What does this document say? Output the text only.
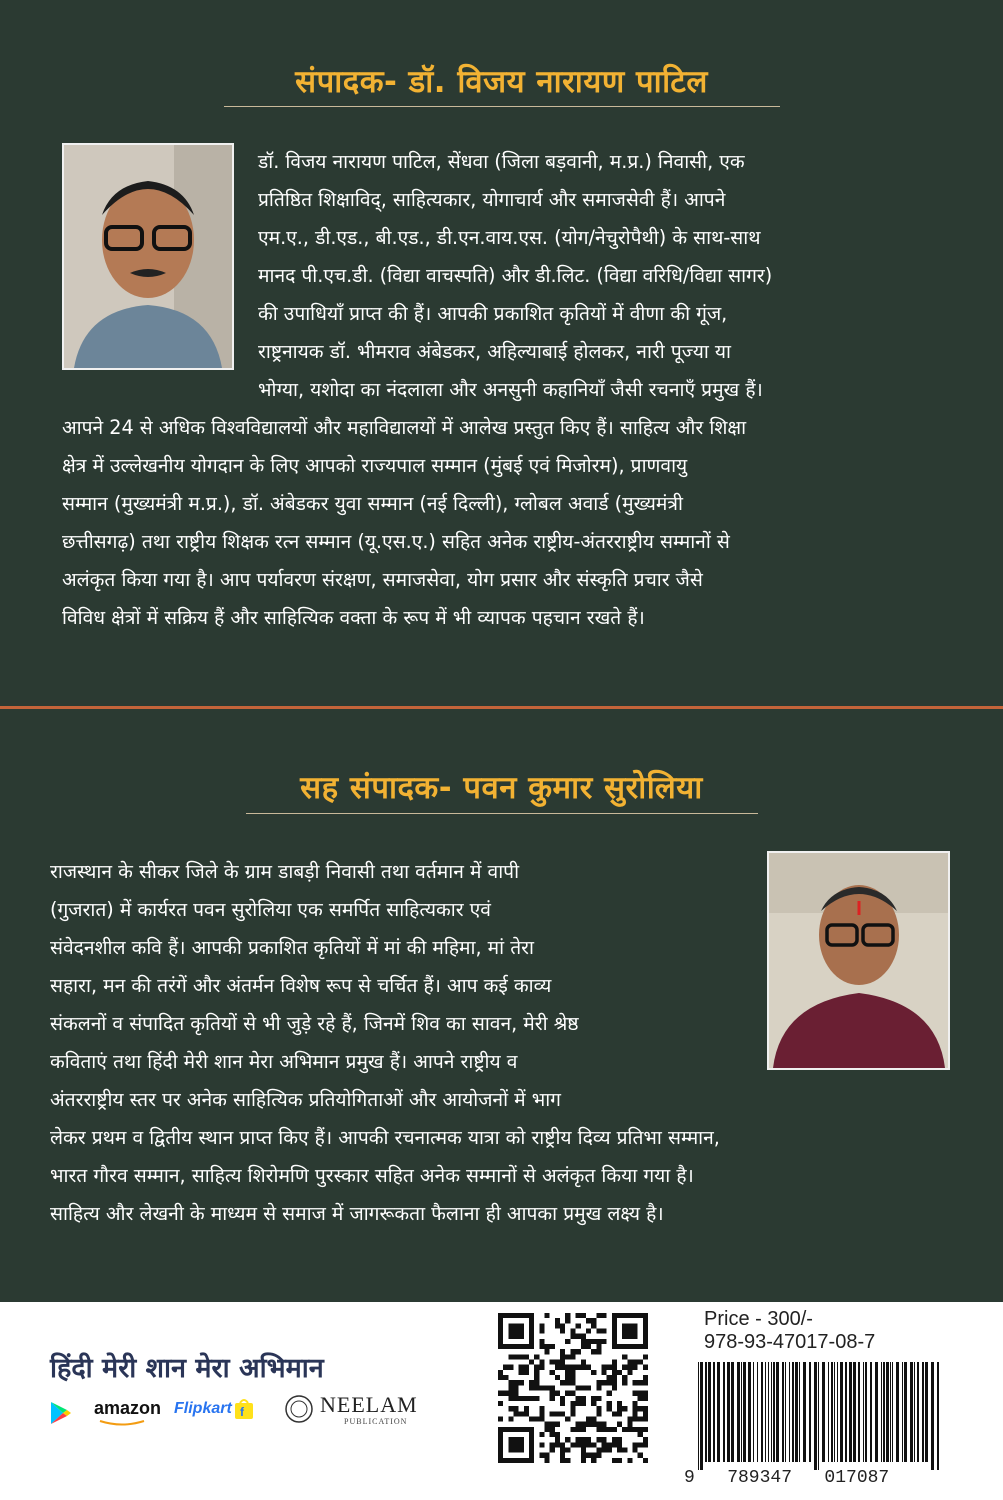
संपादक- डॉ. विजय नारायण पाटिल
डॉ. विजय नारायण पाटिल, सेंधवा (जिला बड़वानी, म.प्र.) निवासी, एक
प्रतिष्ठित शिक्षाविद्, साहित्यकार, योगाचार्य और समाजसेवी हैं। आपने
एम.ए., डी.एड., बी.एड., डी.एन.वाय.एस. (योग/नेचुरोपैथी) के साथ-साथ
मानद पी.एच.डी. (विद्या वाचस्पति) और डी.लिट. (विद्या वरिधि/विद्या सागर)
की उपाधियाँ प्राप्त की हैं। आपकी प्रकाशित कृतियों में वीणा की गूंज,
राष्ट्रनायक डॉ. भीमराव अंबेडकर, अहिल्याबाई होलकर, नारी पूज्या या
भोग्या, यशोदा का नंदलाला और अनसुनी कहानियाँ जैसी रचनाएँ प्रमुख हैं।
आपने 24 से अधिक विश्वविद्यालयों और महाविद्यालयों में आलेख प्रस्तुत किए हैं। साहित्य और शिक्षा
क्षेत्र में उल्लेखनीय योगदान के लिए आपको राज्यपाल सम्मान (मुंबई एवं मिजोरम), प्राणवायु
सम्मान (मुख्यमंत्री म.प्र.), डॉ. अंबेडकर युवा सम्मान (नई दिल्ली), ग्लोबल अवार्ड (मुख्यमंत्री
छत्तीसगढ़) तथा राष्ट्रीय शिक्षक रत्न सम्मान (यू.एस.ए.) सहित अनेक राष्ट्रीय-अंतरराष्ट्रीय सम्मानों से
अलंकृत किया गया है। आप पर्यावरण संरक्षण, समाजसेवा, योग प्रसार और संस्कृति प्रचार जैसे
विविध क्षेत्रों में सक्रिय हैं और साहित्यिक वक्ता के रूप में भी व्यापक पहचान रखते हैं।
सह संपादक- पवन कुमार सुरोलिया
राजस्थान के सीकर जिले के ग्राम डाबड़ी निवासी तथा वर्तमान में वापी
(गुजरात) में कार्यरत पवन सुरोलिया एक समर्पित साहित्यकार एवं
संवेदनशील कवि हैं। आपकी प्रकाशित कृतियों में मां की महिमा, मां तेरा
सहारा, मन की तरंगें और अंतर्मन विशेष रूप से चर्चित हैं। आप कई काव्य
संकलनों व संपादित कृतियों से भी जुड़े रहे हैं, जिनमें शिव का सावन, मेरी श्रेष्ठ
कविताएं तथा हिंदी मेरी शान मेरा अभिमान प्रमुख हैं। आपने राष्ट्रीय व
अंतरराष्ट्रीय स्तर पर अनेक साहित्यिक प्रतियोगिताओं और आयोजनों में भाग
लेकर प्रथम व द्वितीय स्थान प्राप्त किए हैं। आपकी रचनात्मक यात्रा को राष्ट्रीय दिव्य प्रतिभा सम्मान,
भारत गौरव सम्मान, साहित्य शिरोमणि पुरस्कार सहित अनेक सम्मानों से अलंकृत किया गया है।
साहित्य और लेखनी के माध्यम से समाज में जागरूकता फैलाना ही आपका प्रमुख लक्ष्य है।
हिंदी मेरी शान मेरा अभिमान
amazon Flipkart f	NEELAM
PUBLICATION
Price - 300/-
978-93-47017-08-7
9   789347   017087
